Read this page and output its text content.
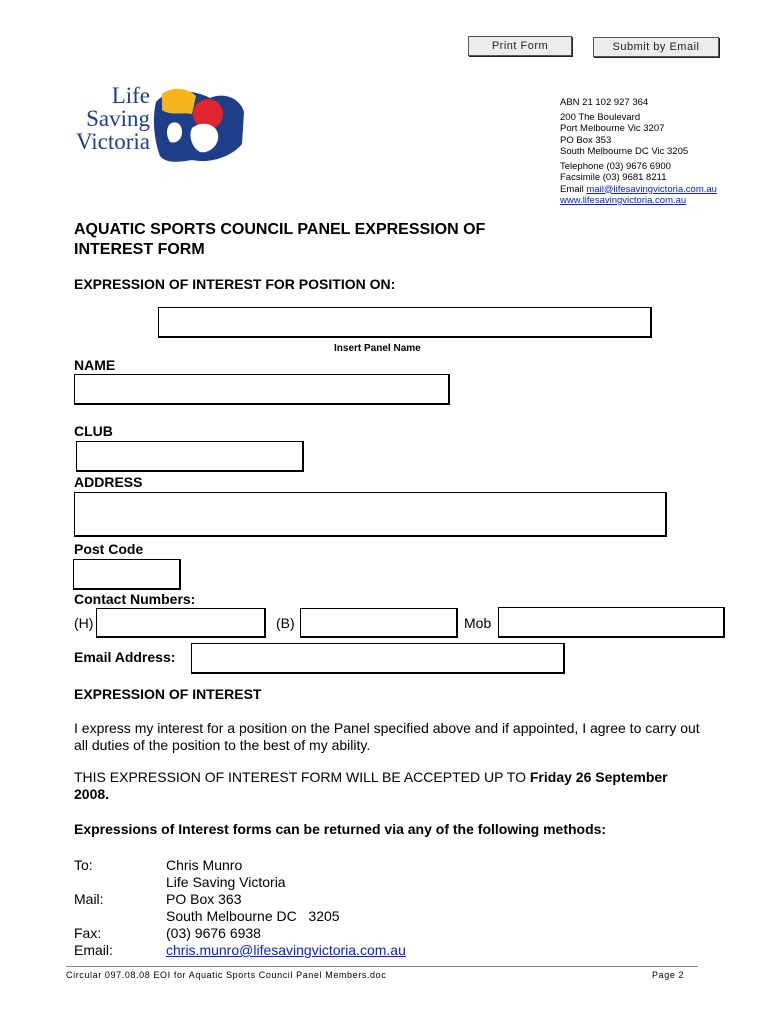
Print Form	Submit by Email
Life
Saving
Victoria
ABN 21 102 927 364
200 The Boulevard
Port Melbourne Vic 3207
PO Box 353
South Melbourne DC Vic 3205
Telephone (03) 9676 6900
Facsimile (03) 9681 8211
Email mail@lifesavingvictoria.com.au
www.lifesavingvictoria.com.au
AQUATIC SPORTS COUNCIL PANEL EXPRESSION OF INTEREST FORM
EXPRESSION OF INTEREST FOR POSITION ON:
Insert Panel Name
NAME
CLUB
ADDRESS
Post Code
Contact Numbers:
(H)	(B)	Mob
Email Address:
EXPRESSION OF INTEREST
I express my interest for a position on the Panel specified above and if appointed, I agree to carry out all duties of the position to the best of my ability.
THIS EXPRESSION OF INTEREST FORM WILL BE ACCEPTED UP TO Friday 26 September 2008.
Expressions of Interest forms can be returned via any of the following methods:
To:	Chris Munro
Life Saving Victoria
Mail:	PO Box 363
South Melbourne DC   3205
Fax:	(03) 9676 6938
Email:	chris.munro@lifesavingvictoria.com.au
Circular 097.08.08 EOI for Aquatic Sports Council Panel Members.doc	Page 2
